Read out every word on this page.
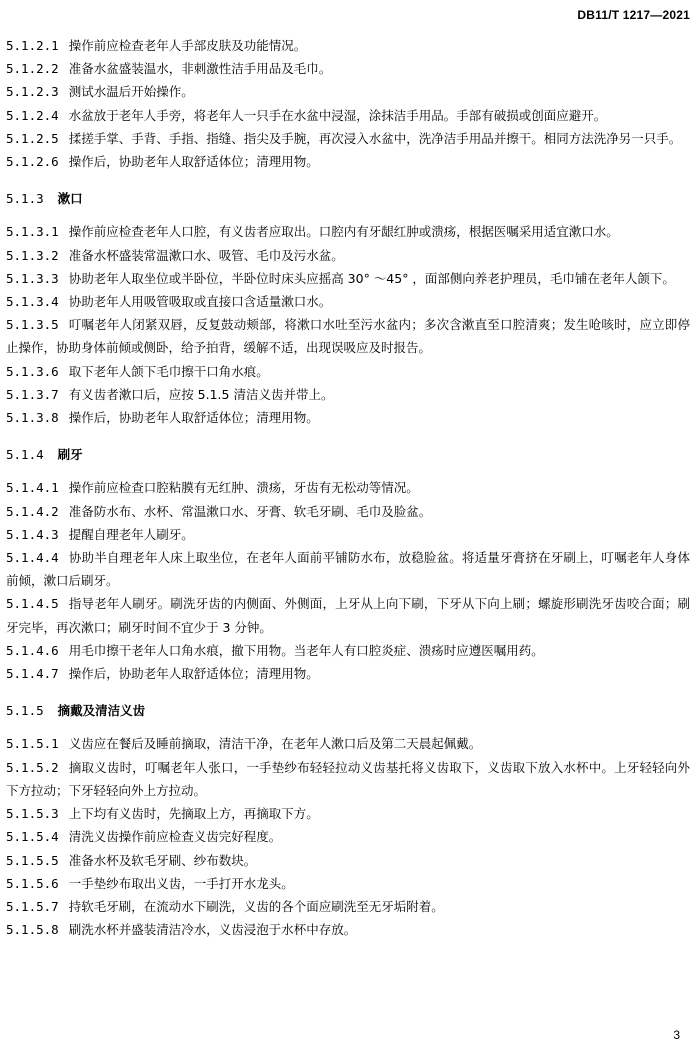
DB11/T 1217—2021

5.1.2.1 操作前应检查老年人手部皮肤及功能情况。

5.1.2.2 准备水盆盛装温水，非刺激性洁手用品及毛巾。

5.1.2.3 测试水温后开始操作。

5.1.2.4 水盆放于老年人手旁，将老年人一只手在水盆中浸湿，涂抹洁手用品。手部有破损或创面应避开。

5.1.2.5 揉搓手掌、手背、手指、指缝、指尖及手腕，再次浸入水盆中，洗净洁手用品并擦干。相同方法洗净另一只手。

5.1.2.6 操作后，协助老年人取舒适体位；清理用物。

5.1.3 漱口

5.1.3.1 操作前应检查老年人口腔，有义齿者应取出。口腔内有牙龈红肿或溃疡，根据医嘱采用适宜漱口水。

5.1.3.2 准备水杯盛装常温漱口水、吸管、毛巾及污水盆。

5.1.3.3 协助老年人取坐位或半卧位，半卧位时床头应摇高 30° ～45° ，面部侧向养老护理员，毛巾铺在老年人颌下。

5.1.3.4 协助老年人用吸管吸取或直接口含适量漱口水。

5.1.3.5 叮嘱老年人闭紧双唇，反复鼓动颊部，将漱口水吐至污水盆内；多次含漱直至口腔清爽；发生呛咳时，应立即停止操作，协助身体前倾或侧卧，给予拍背，缓解不适，出现误吸应及时报告。

5.1.3.6 取下老年人颌下毛巾擦干口角水痕。

5.1.3.7 有义齿者漱口后，应按 5.1.5 清洁义齿并带上。

5.1.3.8 操作后，协助老年人取舒适体位；清理用物。

5.1.4 刷牙

5.1.4.1 操作前应检查口腔粘膜有无红肿、溃疡，牙齿有无松动等情况。

5.1.4.2 准备防水布、水杯、常温漱口水、牙膏、软毛牙刷、毛巾及脸盆。

5.1.4.3 提醒自理老年人刷牙。

5.1.4.4 协助半自理老年人床上取坐位，在老年人面前平铺防水布，放稳脸盆。将适量牙膏挤在牙刷上，叮嘱老年人身体前倾，漱口后刷牙。

5.1.4.5 指导老年人刷牙。刷洗牙齿的内侧面、外侧面，上牙从上向下刷，下牙从下向上刷；螺旋形刷洗牙齿咬合面；刷牙完毕，再次漱口；刷牙时间不宜少于 3 分钟。

5.1.4.6 用毛巾擦干老年人口角水痕，撤下用物。当老年人有口腔炎症、溃疡时应遵医嘱用药。

5.1.4.7 操作后，协助老年人取舒适体位；清理用物。

5.1.5 摘戴及清洁义齿

5.1.5.1 义齿应在餐后及睡前摘取，清洁干净，在老年人漱口后及第二天晨起佩戴。

5.1.5.2 摘取义齿时，叮嘱老年人张口，一手垫纱布轻轻拉动义齿基托将义齿取下，义齿取下放入水杯中。上牙轻轻向外下方拉动；下牙轻轻向外上方拉动。

5.1.5.3 上下均有义齿时，先摘取上方，再摘取下方。

5.1.5.4 清洗义齿操作前应检查义齿完好程度。

5.1.5.5 准备水杯及软毛牙刷、纱布数块。

5.1.5.6 一手垫纱布取出义齿，一手打开水龙头。

5.1.5.7 持软毛牙刷，在流动水下刷洗，义齿的各个面应刷洗至无牙垢附着。

5.1.5.8 刷洗水杯并盛装清洁冷水，义齿浸泡于水杯中存放。

3
